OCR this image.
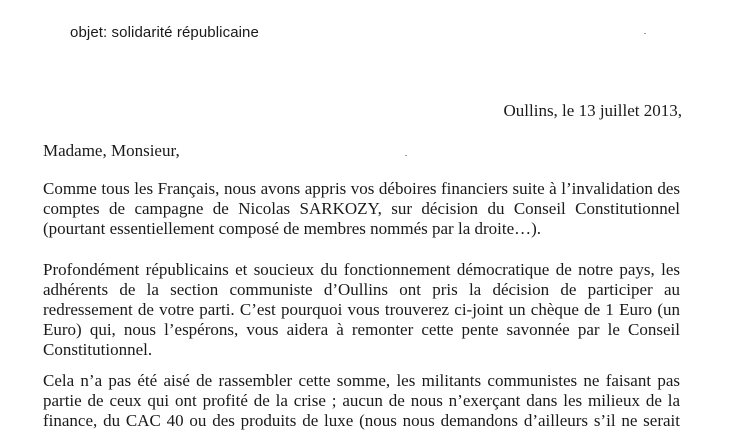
objet: solidarité républicaine
Oullins, le 13 juillet 2013,
Madame, Monsieur,
Comme tous les Français, nous avons appris vos déboires financiers suite à l’invalidation des
comptes de campagne de Nicolas SARKOZY, sur décision du Conseil Constitutionnel
(pourtant essentiellement composé de membres nommés par la droite…).
Profondément républicains et soucieux du fonctionnement démocratique de notre pays, les
adhérents de la section communiste d’Oullins ont pris la décision de participer au
redressement de votre parti. C’est pourquoi vous trouverez ci-joint un chèque de 1 Euro (un
Euro) qui, nous l’espérons, vous aidera à remonter cette pente savonnée par le Conseil
Constitutionnel.
Cela n’a pas été aisé de rassembler cette somme, les militants communistes ne faisant pas
partie de ceux qui ont profité de la crise ; aucun de nous n’exerçant dans les milieux de la
finance, du CAC 40 ou des produits de luxe (nous nous demandons d’ailleurs s’il ne serait
